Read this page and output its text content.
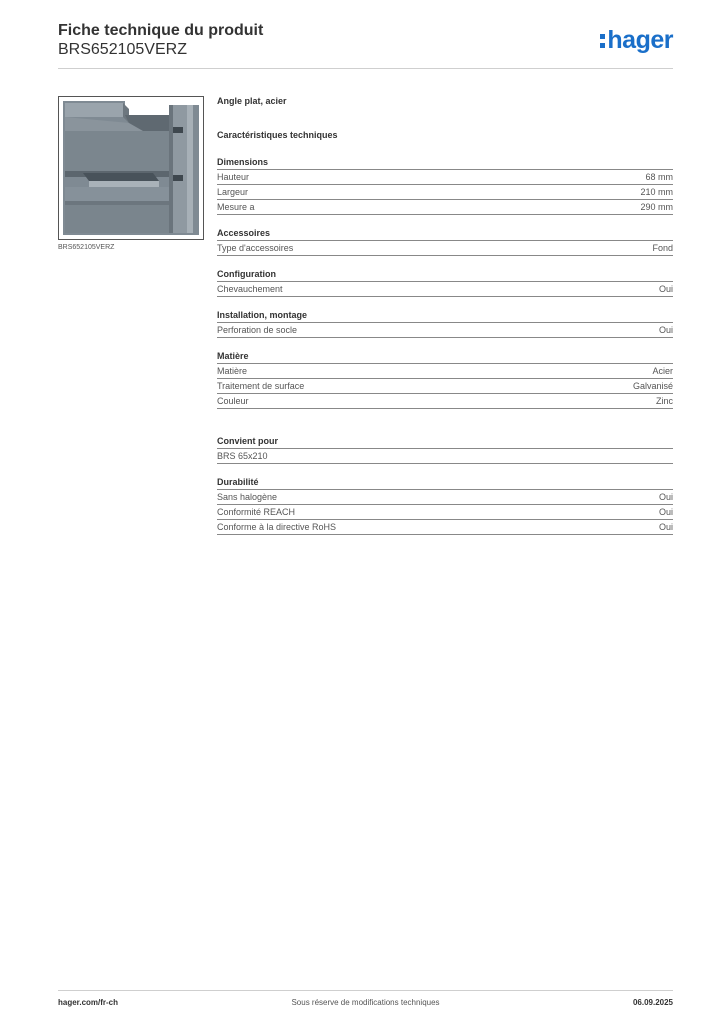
Fiche technique du produit
BRS652105VERZ	hager
BRS652105VERZ
Angle plat, acier
Caractéristiques techniques
Dimensions
Hauteur	68 mm
Largeur	210 mm
Mesure a	290 mm
Accessoires
Type d'accessoires	Fond
Configuration
Chevauchement	Oui
Installation, montage
Perforation de socle	Oui
Matière
Matière	Acier
Traitement de surface	Galvanisé
Couleur	Zinc
Convient pour
BRS 65x210
Durabilité
Sans halogène	Oui
Conformité REACH	Oui
Conforme à la directive RoHS	Oui
hager.com/fr-ch	Sous réserve de modifications techniques	06.09.2025
